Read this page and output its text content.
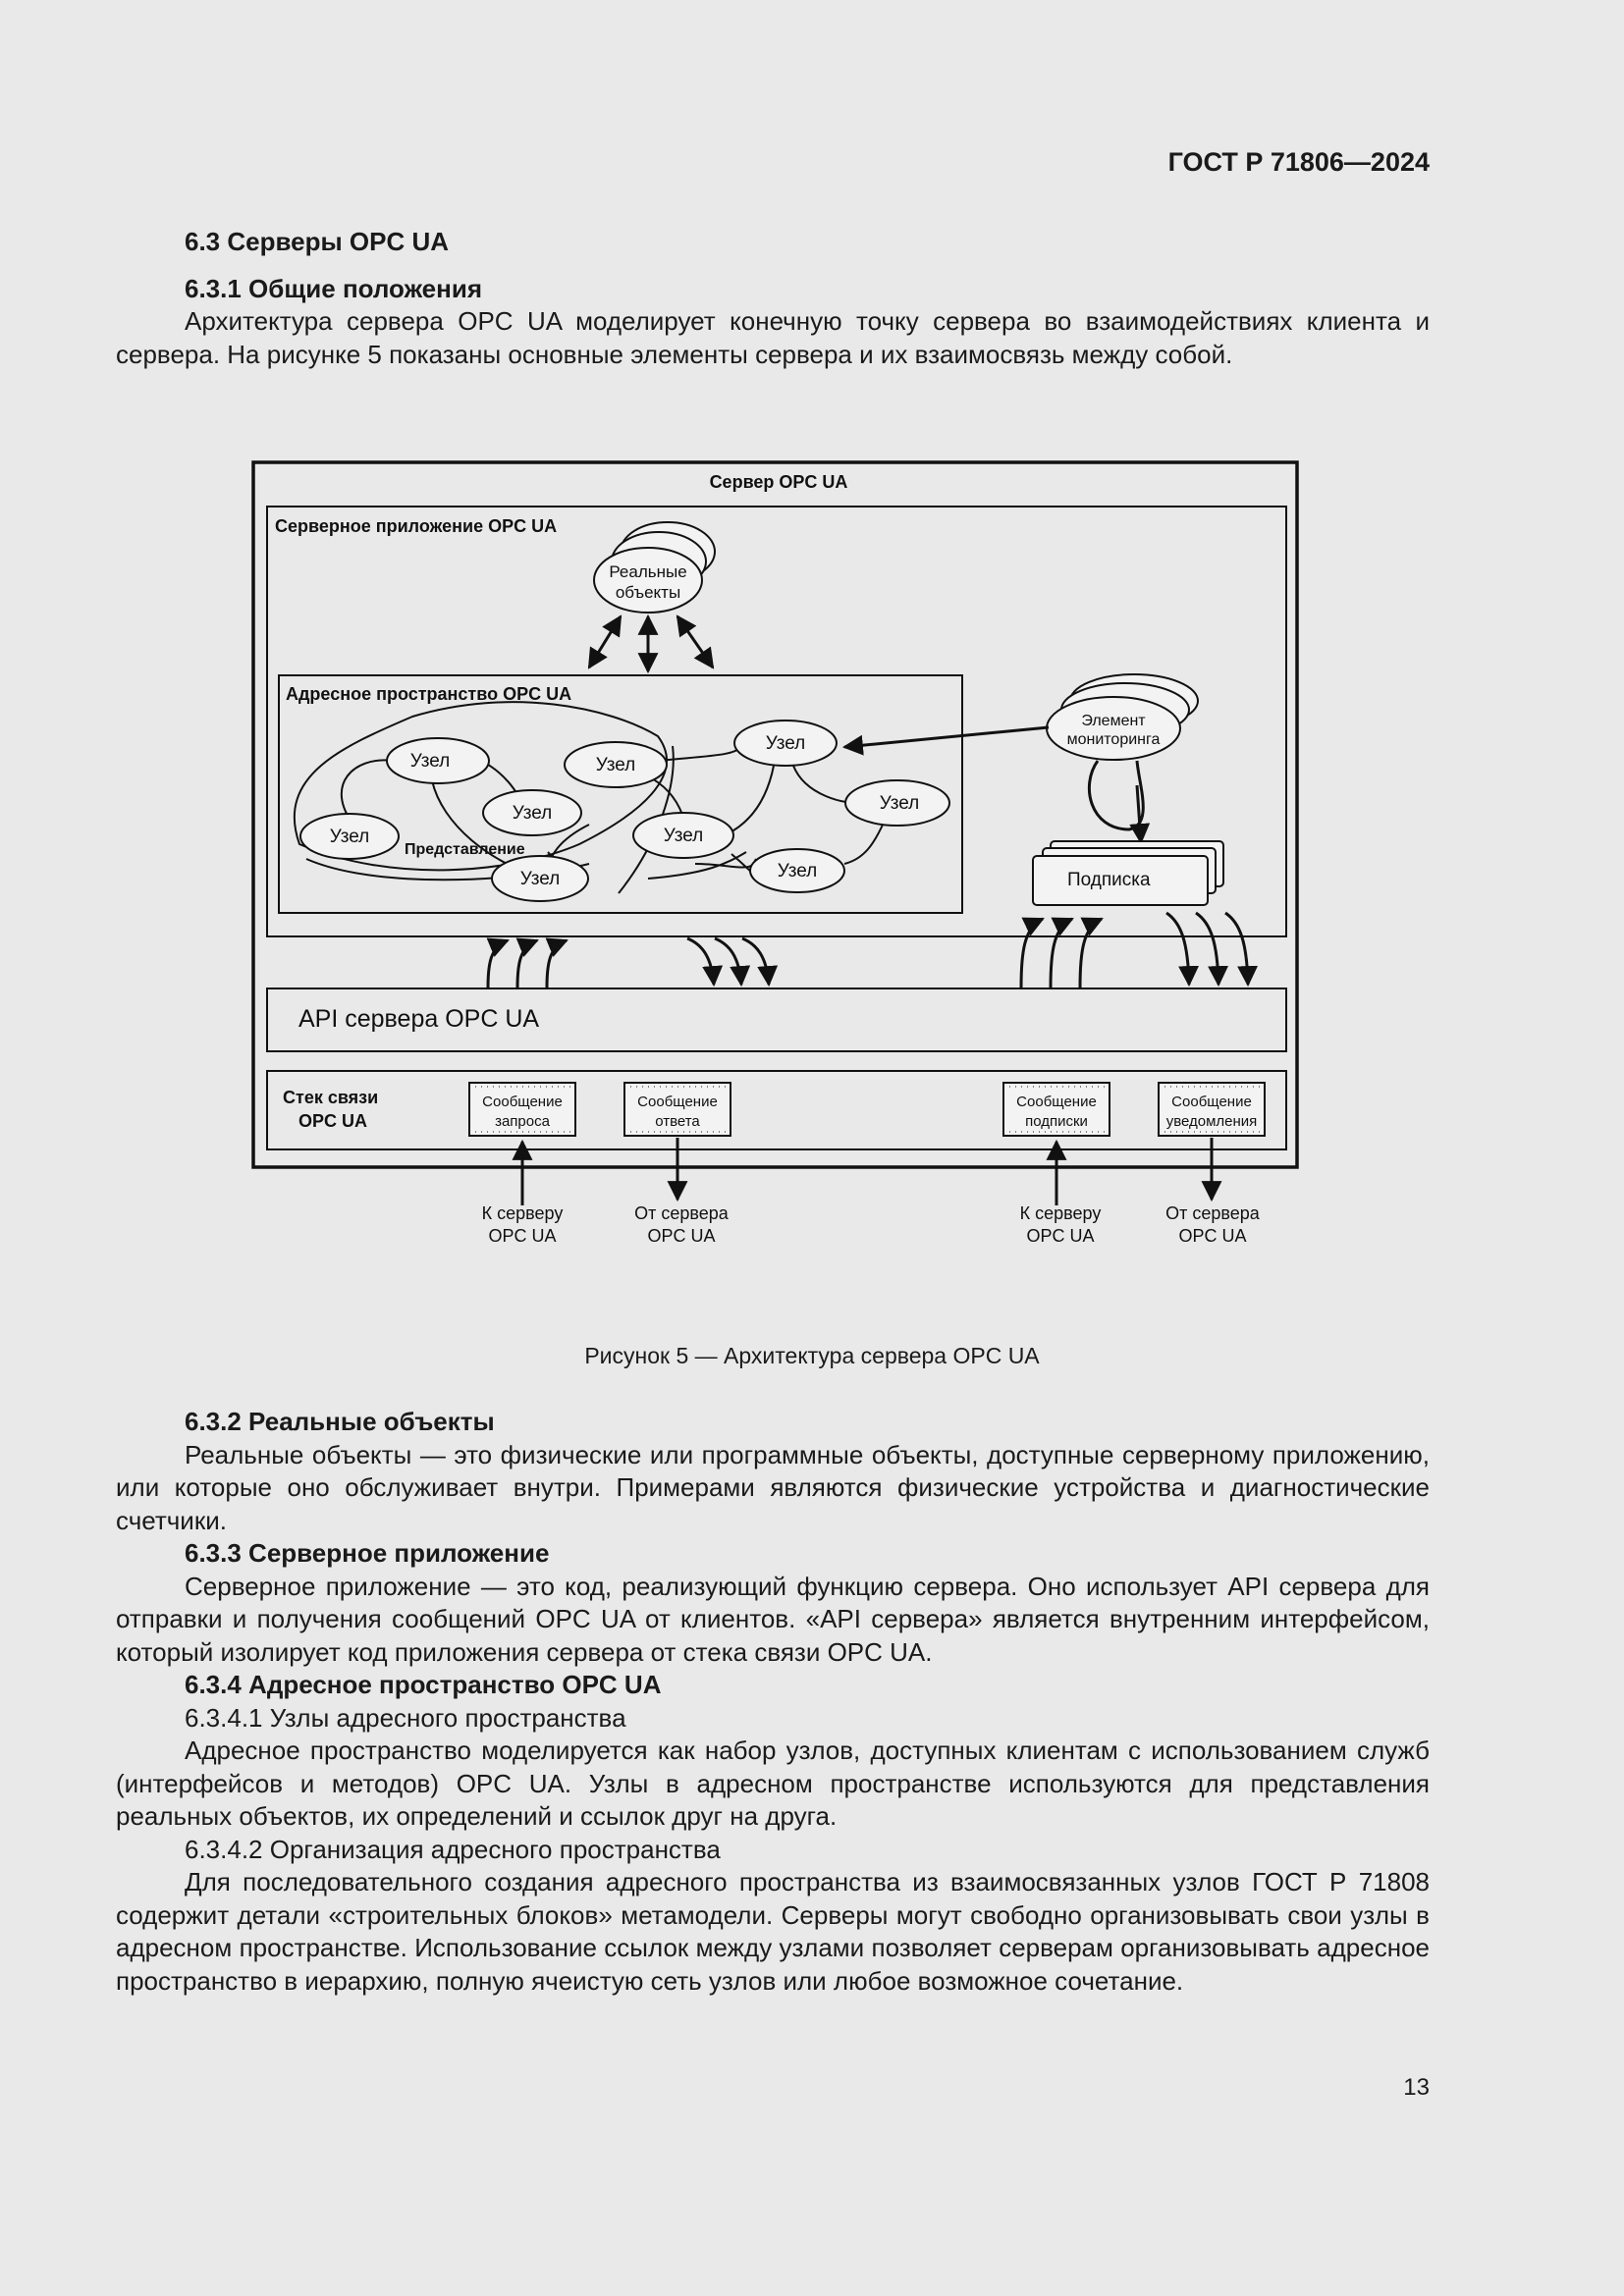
ГОСТ Р 71806—2024
6.3 Серверы OPC UA
6.3.1 Общие положения

Архитектура сервера OPC UA моделирует конечную точку сервера во взаимодействиях клиента и сервера. На рисунке 5 показаны основные элементы сервера и их взаимосвязь между собой.

Реальные
объекты
Узел	Узел
Узел
Узел	Узел
Узел	Узел
Узел
Узел
Представление
Элемент
мониторинга
Подписка
Сообщение
запроса
Сообщение
ответа
Сообщение
подписки
Сообщение
уведомления
К серверу
OPC UA
От сервера
OPC UA
К серверу
OPC UA
От сервера
OPC UA
Сервер OPC UA
Серверное приложение OPC UA
Адресное пространство OPC UA
API сервера OPC UA
Стек связи
OPC UA
Рисунок 5 — Архитектура сервера OPC UA
6.3.2 Реальные объекты

Реальные объекты — это физические или программные объекты, доступные серверному приложению, или которые оно обслуживает внутри. Примерами являются физические устройства и диагностические счетчики.

6.3.3 Серверное приложение

Серверное приложение — это код, реализующий функцию сервера. Оно использует API сервера для отправки и получения сообщений OPC UA от клиентов. «API сервера» является внутренним интерфейсом, который изолирует код приложения сервера от стека связи OPC UA.

6.3.4 Адресное пространство OPC UA
6.3.4.1 Узлы адресного пространства

Адресное пространство моделируется как набор узлов, доступных клиентам с использованием служб (интерфейсов и методов) OPC UA. Узлы в адресном пространстве используются для представления реальных объектов, их определений и ссылок друг на друга.

6.3.4.2 Организация адресного пространства

Для последовательного создания адресного пространства из взаимосвязанных узлов ГОСТ Р 71808 содержит детали «строительных блоков» метамодели. Серверы могут свободно организовывать свои узлы в адресном пространстве. Использование ссылок между узлами позволяет серверам организовывать адресное пространство в иерархию, полную ячеистую сеть узлов или любое возможное сочетание.

13
